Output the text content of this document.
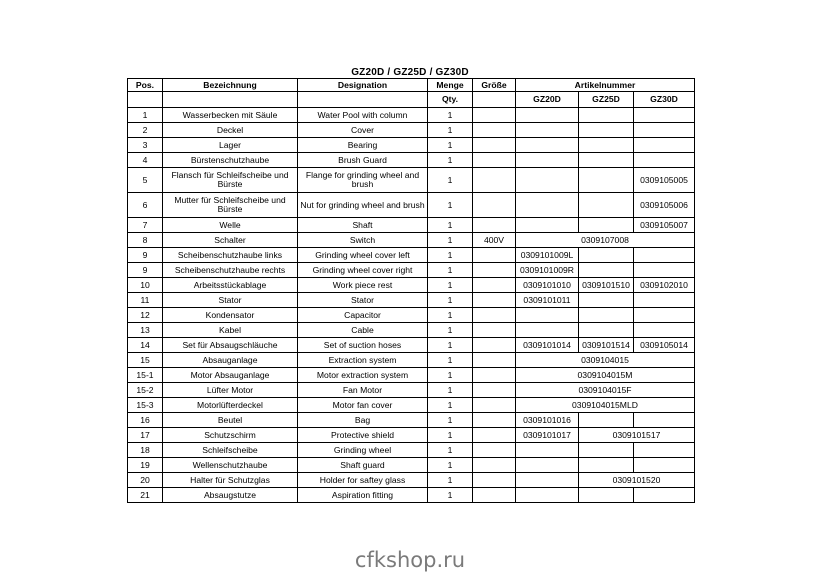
GZ20D / GZ25D / GZ30D
Pos.	Bezeichnung	Designation	Menge	Größe	Artikelnummer		
			Qty.		GZ20D	GZ25D	GZ30D
1	Wasserbecken mit Säule	Water Pool with column	1				
2	Deckel	Cover	1				
3	Lager	Bearing	1				
4	Bürstenschutzhaube	Brush Guard	1				
5	Flansch für Schleifscheibe und Bürste	Flange for grinding wheel and brush	1				0309105005
6	Mutter für Schleifscheibe und Bürste	Nut for grinding wheel and brush	1				0309105006
7	Welle	Shaft	1				0309105007
8	Schalter	Switch	1	400V	0309107008		
9	Scheibenschutzhaube links	Grinding wheel cover left	1		0309101009L		
9	Scheibenschutzhaube rechts	Grinding wheel cover right	1		0309101009R		
10	Arbeitsstückablage	Work piece rest	1		0309101010	0309101510	0309102010
11	Stator	Stator	1		0309101011		
12	Kondensator	Capacitor	1				
13	Kabel	Cable	1				
14	Set für Absaugschläuche	Set of suction hoses	1		0309101014	0309101514	0309105014
15	Absauganlage	Extraction system	1		0309104015		
15-1	Motor Absauganlage	Motor extraction system	1		0309104015M		
15-2	Lüfter Motor	Fan Motor	1		0309104015F		
15-3	Motorlüfterdeckel	Motor fan cover	1		0309104015MLD		
16	Beutel	Bag	1		0309101016		
17	Schutzschirm	Protective shield	1		0309101017	0309101517	
18	Schleifscheibe	Grinding wheel	1				
19	Wellenschutzhaube	Shaft guard	1				
20	Halter für Schutzglas	Holder for saftey glass	1			0309101520	
21	Absaugstutze	Aspiration fitting	1				
cfkshop.ru
